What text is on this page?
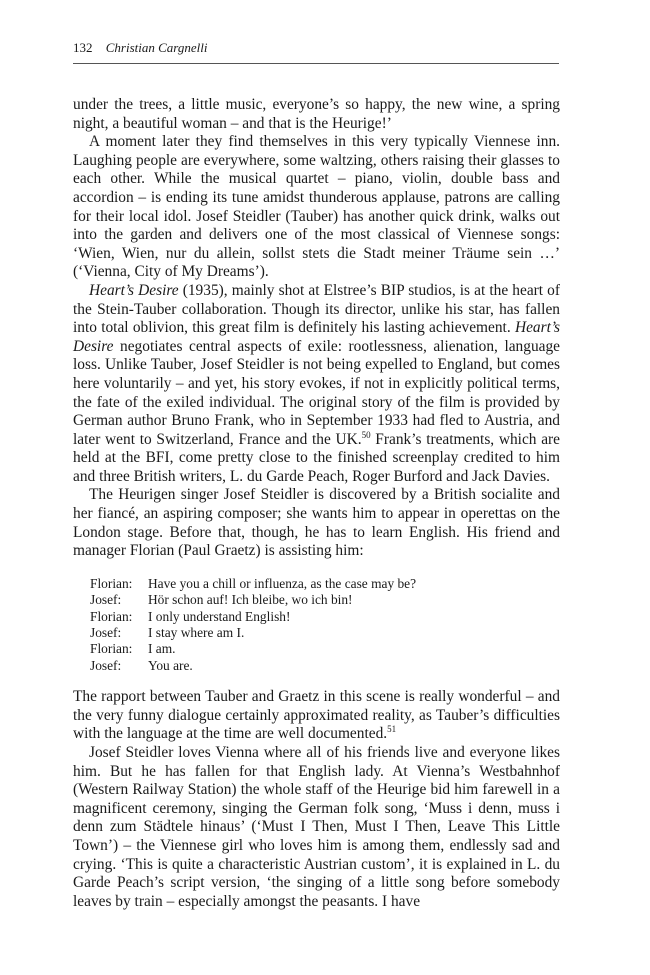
132 Christian Cargnelli

under the trees, a little music, everyone’s so happy, the new wine, a spring night, a beautiful woman – and that is the Heurige!’

A moment later they find themselves in this very typically Viennese inn. Laughing people are everywhere, some waltzing, others raising their glasses to each other. While the musical quartet – piano, violin, double bass and accordion – is ending its tune amidst thunderous applause, patrons are calling for their local idol. Josef Steidler (Tauber) has another quick drink, walks out into the garden and delivers one of the most classical of Viennese songs: ‘Wien, Wien, nur du allein, sollst stets die Stadt meiner Träume sein …’ (‘Vienna, City of My Dreams’).

Heart’s Desire (1935), mainly shot at Elstree’s BIP studios, is at the heart of the Stein-Tauber collaboration. Though its director, unlike his star, has fallen into total oblivion, this great film is definitely his lasting achievement. Heart’s Desire negotiates central aspects of exile: rootlessness, alienation, language loss. Unlike Tauber, Josef Steidler is not being expelled to England, but comes here voluntarily – and yet, his story evokes, if not in explicitly political terms, the fate of the exiled individual. The original story of the film is provided by German author Bruno Frank, who in September 1933 had fled to Austria, and later went to Switzerland, France and the UK.$^{50}$ Frank’s treatments, which are held at the BFI, come pretty close to the finished screenplay credited to him and three British writers, L. du Garde Peach, Roger Burford and Jack Davies.

The Heurigen singer Josef Steidler is discovered by a British socialite and her fiancé, an aspiring composer; she wants him to appear in operettas on the London stage. Before that, though, he has to learn English. His friend and manager Florian (Paul Graetz) is assisting him:

Florian:	Have you a chill or influenza, as the case may be?
Josef:	Hör schon auf! Ich bleibe, wo ich bin!
Florian:	I only understand English!
Josef:	I stay where am I.
Florian:	I am.
Josef:	You are.

The rapport between Tauber and Graetz in this scene is really wonderful – and the very funny dialogue certainly approximated reality, as Tauber’s difficulties with the language at the time are well documented.$^{51}$

Josef Steidler loves Vienna where all of his friends live and everyone likes him. But he has fallen for that English lady. At Vienna’s Westbahnhof (Western Railway Station) the whole staff of the Heurige bid him farewell in a magnificent ceremony, singing the German folk song, ‘Muss i denn, muss i denn zum Städtele hinaus’ (‘Must I Then, Must I Then, Leave This Little Town’) – the Viennese girl who loves him is among them, endlessly sad and crying. ‘This is quite a characteristic Austrian custom’, it is explained in L. du Garde Peach’s script version, ‘the singing of a little song before somebody leaves by train – especially amongst the peasants. I have
